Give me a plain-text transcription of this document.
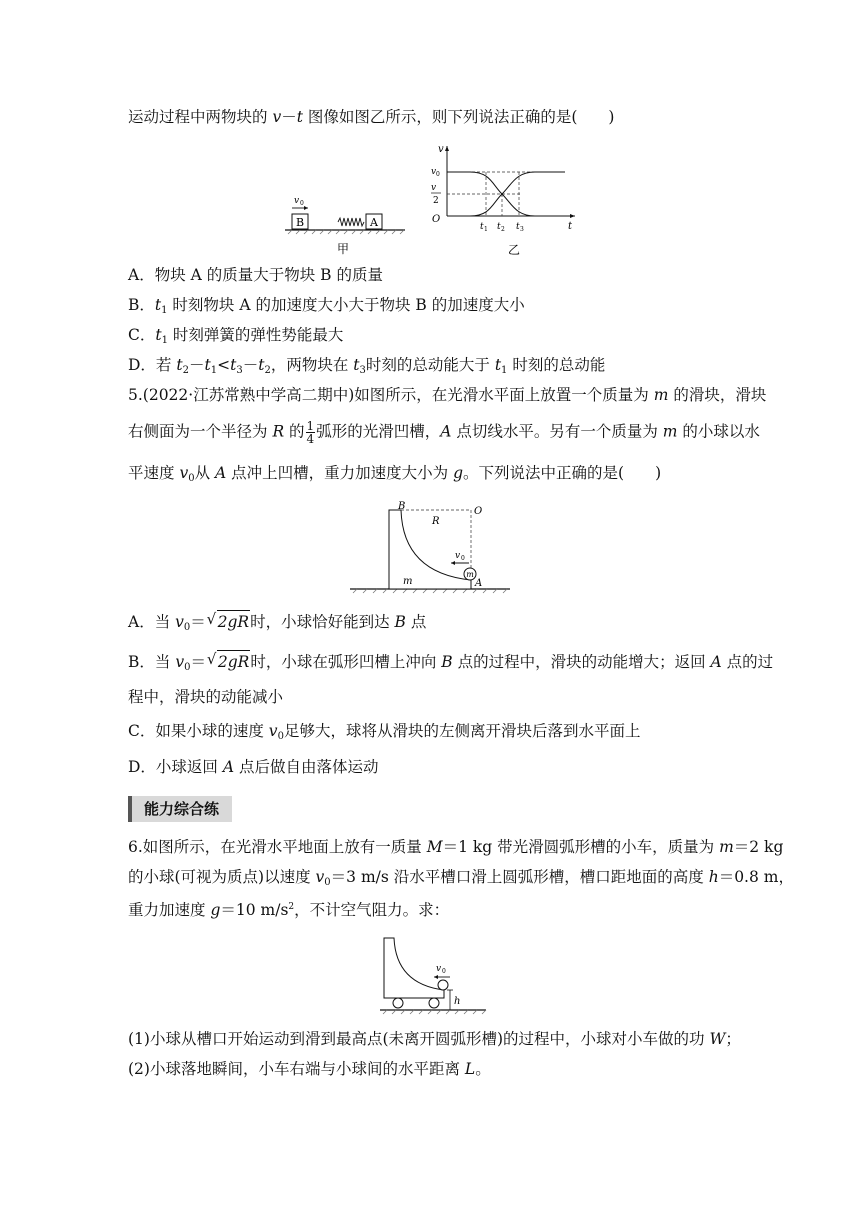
运动过程中两物块的 v－t 图像如图乙所示，则下列说法正确的是(　　)
B	A
v 0
甲
v
v 0
v
2
O
t 1 t 2 t 3	t
乙
A．物块 A 的质量大于物块 B 的质量
B．$t_1$ 时刻物块 A 的加速度大小大于物块 B 的加速度大小
C．$t_1$ 时刻弹簧的弹性势能最大
D．若 $t_2-t_1<t_3-t_2$，两物块在 $t_3$时刻的总动能大于 $t_1$ 时刻的总动能
5.(2022·江苏常熟中学高二期中)如图所示，在光滑水平面上放置一个质量为 m 的滑块，滑块
右侧面为一个半径为 R 的 $\frac{1}{4}$ 弧形的光滑凹槽，A 点切线水平。另有一个质量为 m 的小球以水
平速度 $v_0$从 A 点冲上凹槽，重力加速度大小为 g。下列说法中正确的是(　　)
B
R
O
v 0
m
A
m
A．当 $v_0=$ √ 2gR时，小球恰好能到达 B 点
B．当 $v_0=$ √ 2gR时，小球在弧形凹槽上冲向 B 点的过程中，滑块的动能增大；返回 A 点的过
程中，滑块的动能减小
C．如果小球的速度 $v_0$足够大，球将从滑块的左侧离开滑块后落到水平面上
D．小球返回 A 点后做自由落体运动
能力综合练
6.如图所示，在光滑水平地面上放有一质量 M＝1 kg 带光滑圆弧形槽的小车，质量为 m＝2 kg
的小球(可视为质点)以速度 $v_0=3$ m/s 沿水平槽口滑上圆弧形槽，槽口距地面的高度 h＝0.8 m，
重力加速度 g＝10 $m/s^2$，不计空气阻力。求：
v 0
h
(1)小球从槽口开始运动到滑到最高点(未离开圆弧形槽)的过程中，小球对小车做的功 W；
(2)小球落地瞬间，小车右端与小球间的水平距离 L。
